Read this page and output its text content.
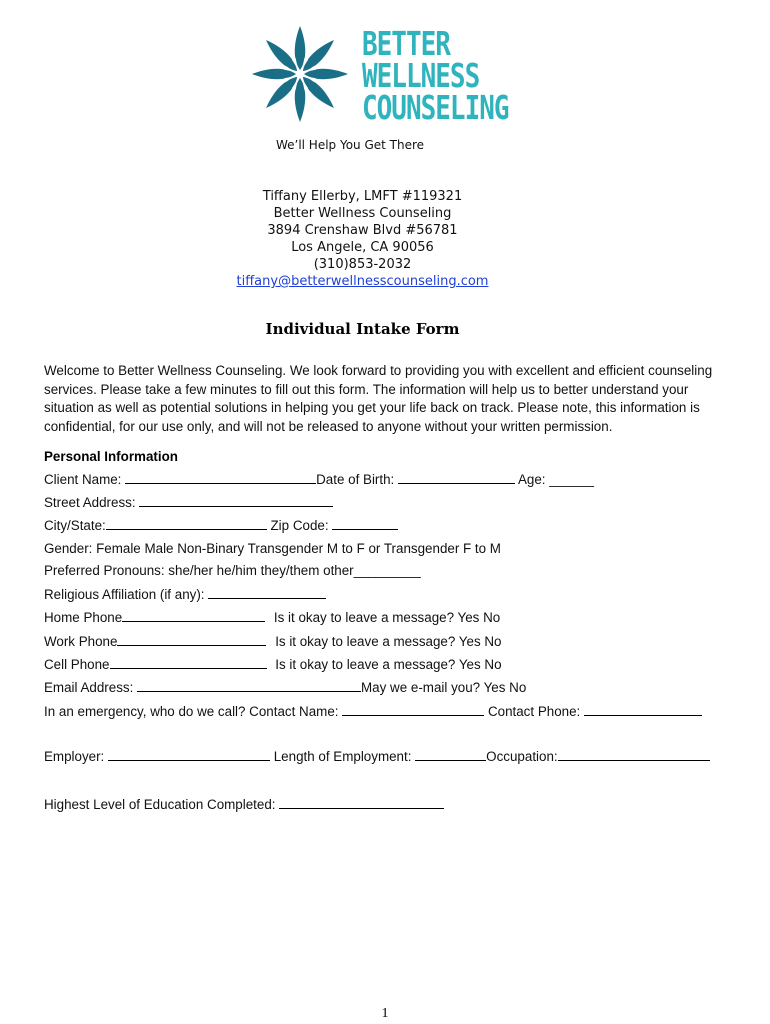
BETTER
WELLNESS
COUNSELING
We’ll Help You Get There
Tiffany Ellerby, LMFT #119321
Better Wellness Counseling
3894 Crenshaw Blvd #56781
Los Angele, CA 90056
(310)853-2032
tiffany@betterwellnesscounseling.com
Individual Intake Form
Welcome to Better Wellness Counseling. We look forward to providing you with excellent and efficient counseling services. Please take a few minutes to fill out this form. The information will help us to better understand your situation as well as potential solutions in helping you get your life back on track. Please note, this information is confidential, for our use only, and will not be released to anyone without your written permission.
Personal Information
Client Name:	Date of Birth:	Age: ______
Street Address:
City/State:	Zip Code:
Gender: Female Male Non-Binary Transgender M to F or Transgender F to M
Preferred Pronouns: she/her he/him they/them other_________
Religious Affiliation (if any):
Home Phone	Is it okay to leave a message? Yes No
Work Phone	Is it okay to leave a message? Yes No
Cell Phone	Is it okay to leave a message? Yes No
Email Address:	May we e-mail you? Yes No
In an emergency, who do we call? Contact Name:	Contact Phone:
Employer:	Length of Employment:	Occupation:
Highest Level of Education Completed:
1
